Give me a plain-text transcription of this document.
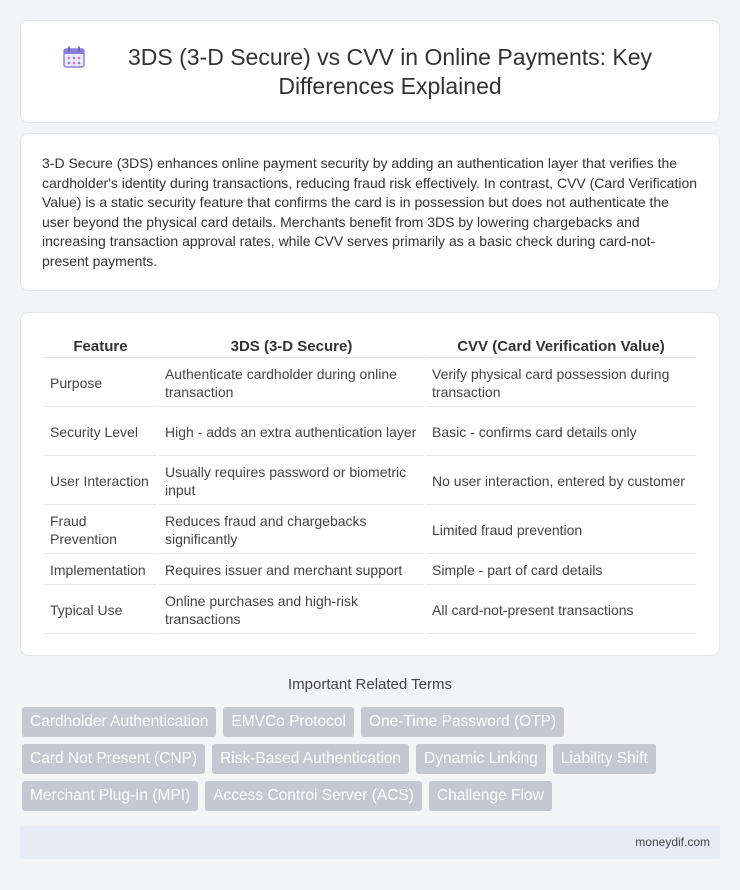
3DS (3-D Secure) vs CVV in Online Payments: Key Differences Explained

3-D Secure (3DS) enhances online payment security by adding an authentication layer that verifies the cardholder's identity during transactions, reducing fraud risk effectively. In contrast, CVV (Card Verification Value) is a static security feature that confirms the card is in possession but does not authenticate the user beyond the physical card details. Merchants benefit from 3DS by lowering chargebacks and increasing transaction approval rates, while CVV serves primarily as a basic check during card-not-present payments.

Feature	3DS (3-D Secure)	CVV (Card Verification Value)
Purpose	Authenticate cardholder during online transaction	Verify physical card possession during transaction
Security Level	High - adds an extra authentication layer	Basic - confirms card details only
User Interaction	Usually requires password or biometric input	No user interaction, entered by customer
Fraud Prevention	Reduces fraud and chargebacks significantly	Limited fraud prevention
Implementation	Requires issuer and merchant support	Simple - part of card details
Typical Use	Online purchases and high-risk transactions	All card-not-present transactions
Important Related Terms
Cardholder Authentication	EMVCo Protocol	One-Time Password (OTP)
Card Not Present (CNP)	Risk-Based Authentication	Dynamic Linking	Liability Shift
Merchant Plug-In (MPI)	Access Control Server (ACS)	Challenge Flow
moneydif.com
